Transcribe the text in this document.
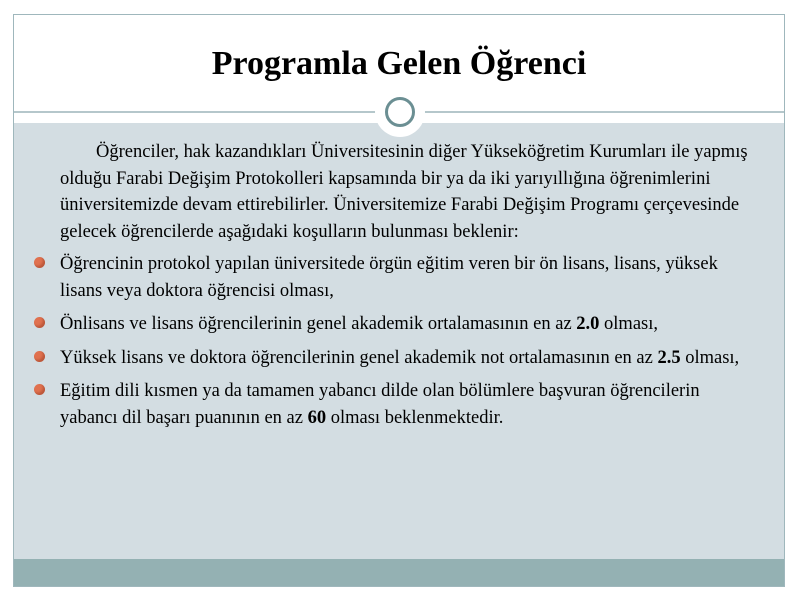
Programla Gelen Öğrenci

Öğrenciler, hak kazandıkları Üniversitesinin diğer Yükseköğretim Kurumları ile yapmış olduğu Farabi Değişim Protokolleri kapsamında bir ya da iki yarıyıllığına öğrenimlerini üniversitemizde devam ettirebilirler. Üniversitemize Farabi Değişim Programı çerçevesinde gelecek öğrencilerde aşağıdaki koşulların bulunması beklenir:

Öğrencinin protokol yapılan üniversitede örgün eğitim veren bir ön lisans, lisans, yüksek lisans veya doktora öğrencisi olması,
Önlisans ve lisans öğrencilerinin genel akademik ortalamasının en az 2.0 olması,
Yüksek lisans ve doktora öğrencilerinin genel akademik not ortalamasının en az 2.5 olması,
Eğitim dili kısmen ya da tamamen yabancı dilde olan bölümlere başvuran öğrencilerin yabancı dil başarı puanının en az 60 olması beklenmektedir.
